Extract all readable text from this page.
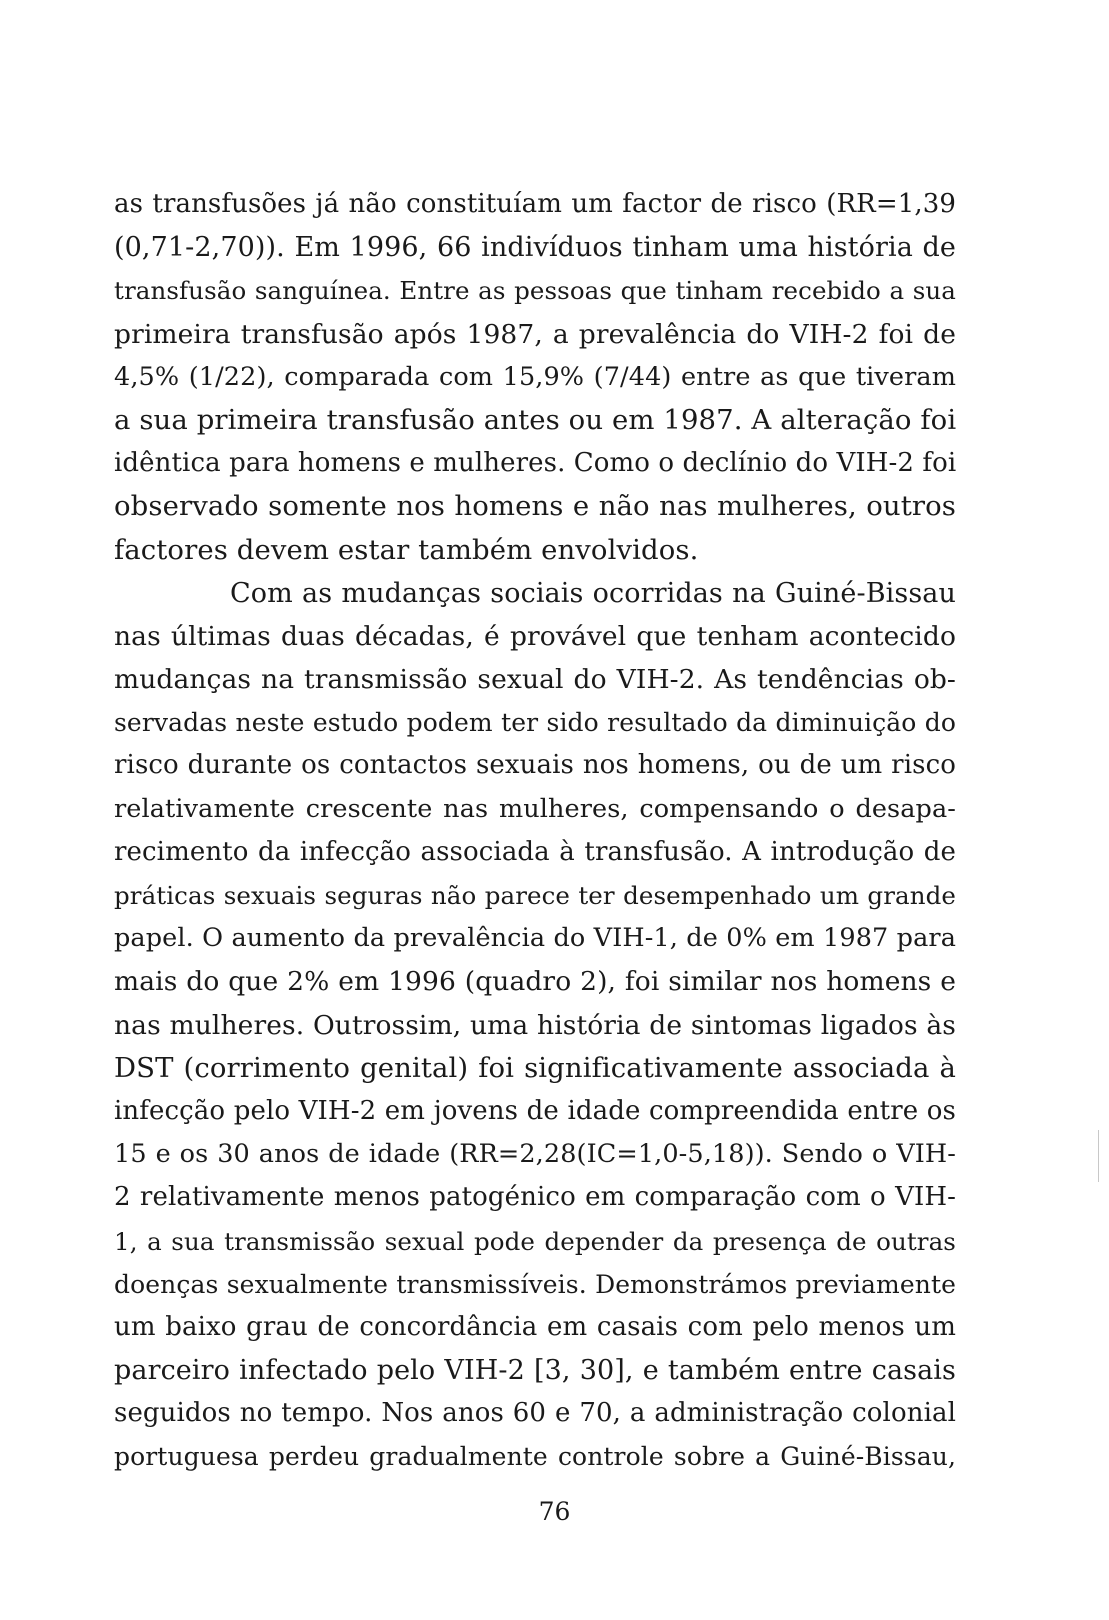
as transfusões já não constituíam um factor de risco (RR=1,39
(0,71-2,70)). Em 1996, 66 indivíduos tinham uma história de
transfusão sanguínea. Entre as pessoas que tinham recebido a sua
primeira transfusão após 1987, a prevalência do VIH-2 foi de
4,5% (1/22), comparada com 15,9% (7/44) entre as que tiveram
a sua primeira transfusão antes ou em 1987. A alteração foi
idêntica para homens e mulheres. Como o declínio do VIH-2 foi
observado somente nos homens e não nas mulheres, outros
factores devem estar também envolvidos.
Com as mudanças sociais ocorridas na Guiné-Bissau
nas últimas duas décadas, é provável que tenham acontecido
mudanças na transmissão sexual do VIH-2. As tendências ob-
servadas neste estudo podem ter sido resultado da diminuição do
risco durante os contactos sexuais nos homens, ou de um risco
relativamente crescente nas mulheres, compensando o desapa-
recimento da infecção associada à transfusão. A introdução de
práticas sexuais seguras não parece ter desempenhado um grande
papel. O aumento da prevalência do VIH-1, de 0% em 1987 para
mais do que 2% em 1996 (quadro 2), foi similar nos homens e
nas mulheres. Outrossim, uma história de sintomas ligados às
DST (corrimento genital) foi significativamente associada à
infecção pelo VIH-2 em jovens de idade compreendida entre os
15 e os 30 anos de idade (RR=2,28(IC=1,0-5,18)). Sendo o VIH-
2 relativamente menos patogénico em comparação com o VIH-
1, a sua transmissão sexual pode depender da presença de outras
doenças sexualmente transmissíveis. Demonstrámos previamente
um baixo grau de concordância em casais com pelo menos um
parceiro infectado pelo VIH-2 [3, 30], e também entre casais
seguidos no tempo. Nos anos 60 e 70, a administração colonial
portuguesa perdeu gradualmente controle sobre a Guiné-Bissau,
76
